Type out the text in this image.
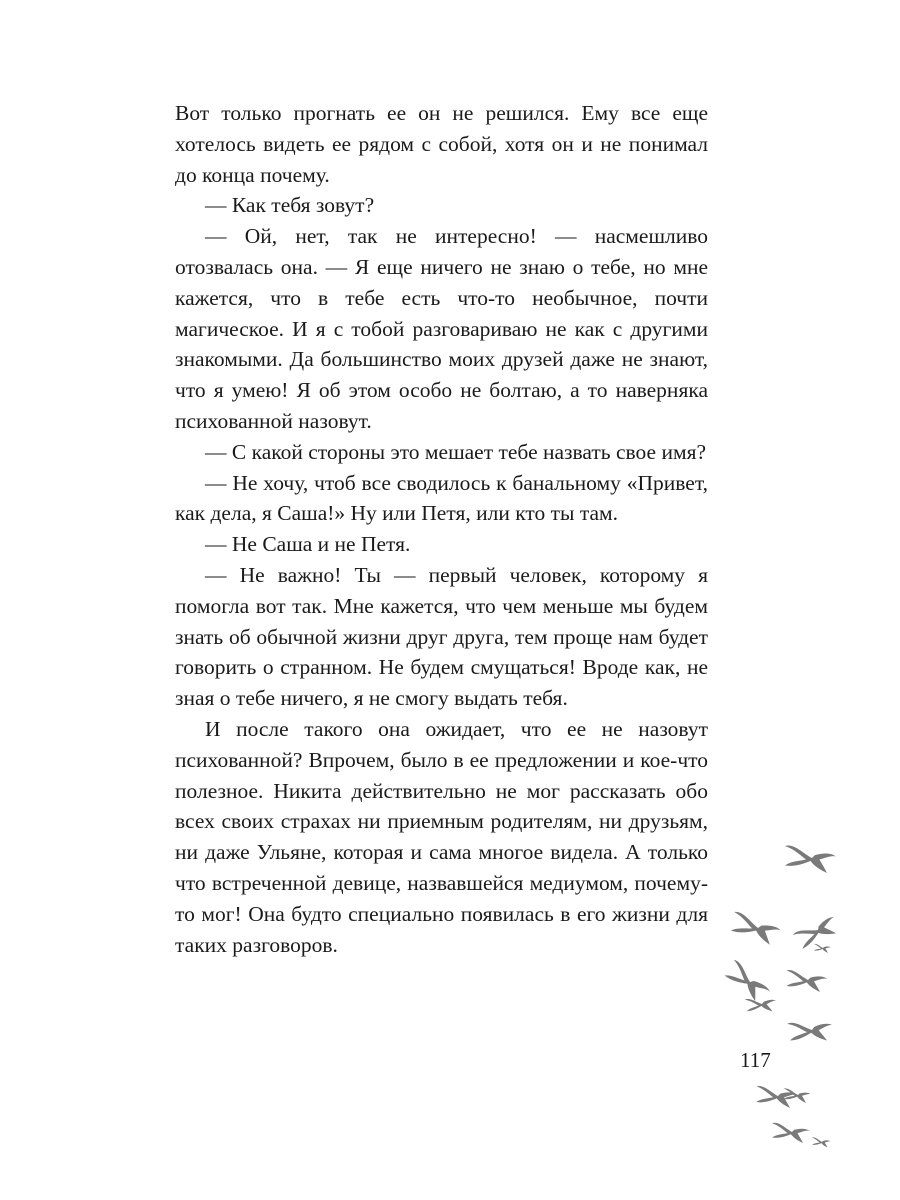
Вот только прогнать ее он не решился. Ему все еще хотелось видеть ее рядом с собой, хотя он и не понимал до конца почему.

— Как тебя зовут?

— Ой, нет, так не интересно! — насмешливо отозвалась она. — Я еще ничего не знаю о тебе, но мне кажется, что в тебе есть что-то необычное, почти магическое. И я с тобой разговариваю не как с другими знакомыми. Да большинство моих друзей даже не знают, что я умею! Я об этом особо не болтаю, а то наверняка психованной назовут.

— С какой стороны это мешает тебе назвать свое имя?

— Не хочу, чтоб все сводилось к банальному «Привет, как дела, я Саша!» Ну или Петя, или кто ты там.

— Не Саша и не Петя.

— Не важно! Ты — первый человек, которому я помогла вот так. Мне кажется, что чем меньше мы будем знать об обычной жизни друг друга, тем проще нам будет говорить о странном. Не будем смущаться! Вроде как, не зная о тебе ничего, я не смогу выдать тебя.

И после такого она ожидает, что ее не назовут психованной? Впрочем, было в ее предложении и кое-что полезное. Никита действительно не мог рассказать обо всех своих страхах ни приемным родителям, ни друзьям, ни даже Ульяне, которая и сама многое видела. А только что встреченной девице, назвавшейся медиумом, почему-то мог! Она будто специально появилась в его жизни для таких разговоров.

117
